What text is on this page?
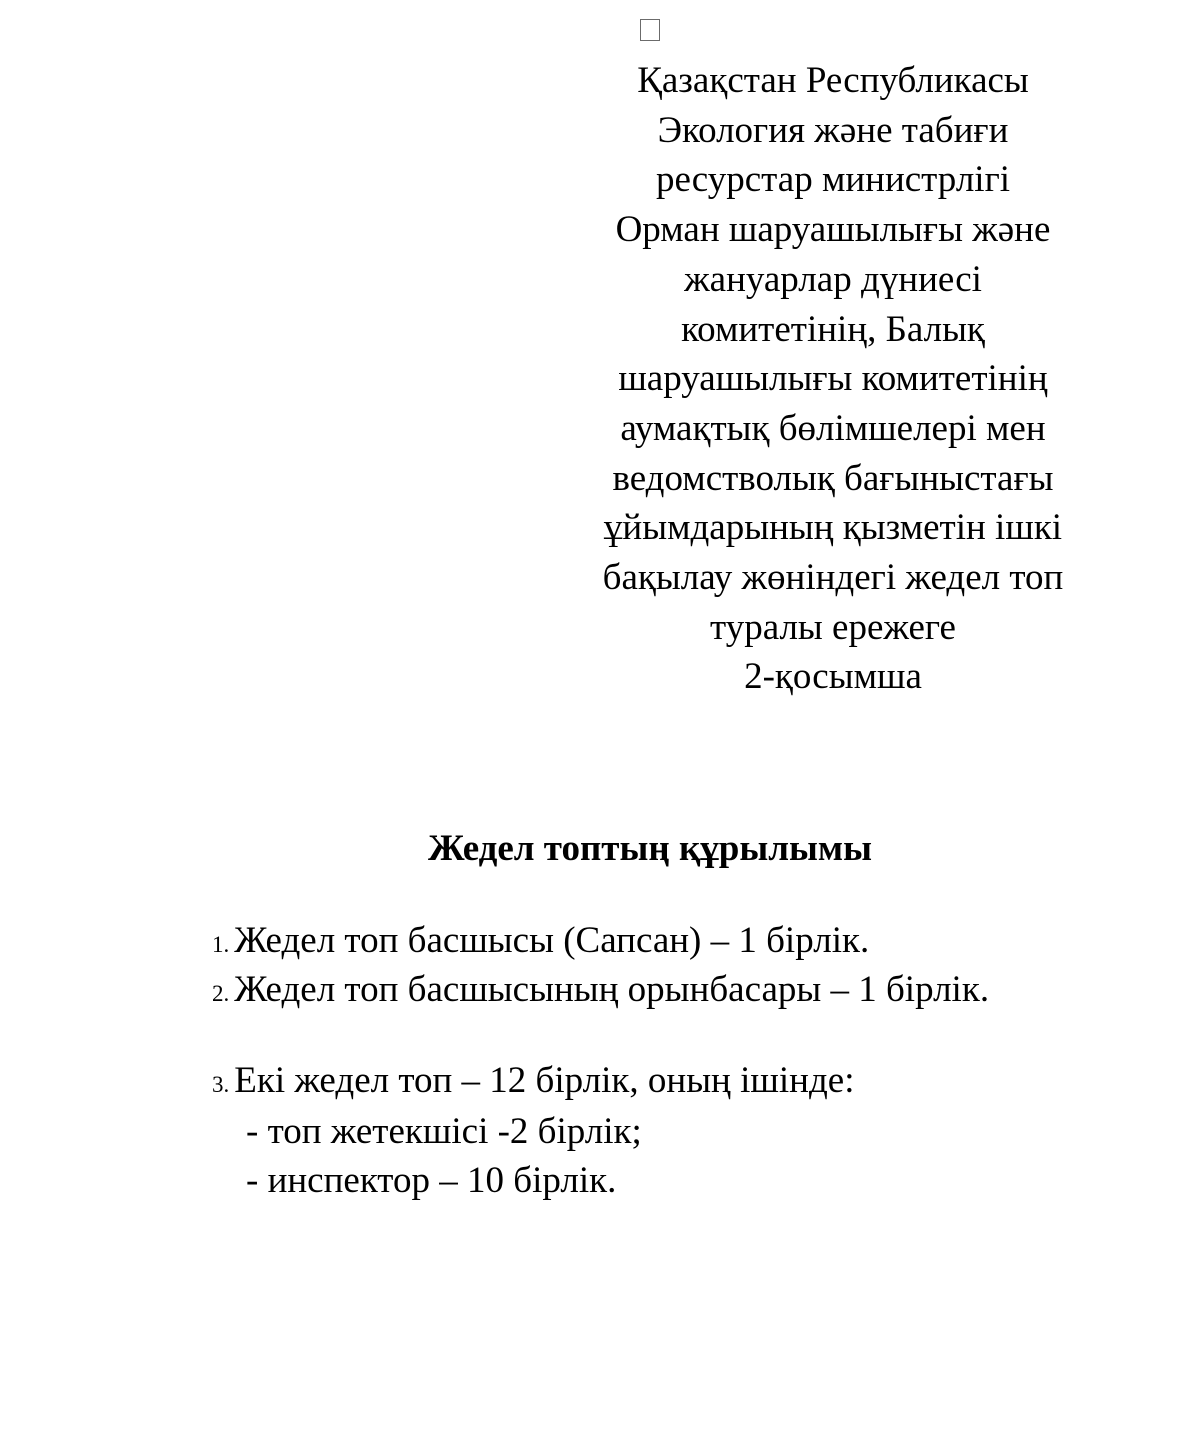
Қазақстан Республикасы
Экология және табиғи
ресурстар министрлігі
Орман шаруашылығы және
жануарлар дүниесі
комитетінің, Балық
шаруашылығы комитетінің
аумақтық бөлімшелері мен
ведомстволық бағыныстағы
ұйымдарының қызметін ішкі
бақылау жөніндегі жедел топ
туралы ережеге
2-қосымша
Жедел топтың құрылымы
1. Жедел топ басшысы (Сапсан) – 1 бірлік.
2. Жедел топ басшысының орынбасары – 1 бірлік.
3. Екі жедел топ – 12 бірлік, оның ішінде:
- топ жетекшісі -2 бірлік;
- инспектор – 10 бірлік.
